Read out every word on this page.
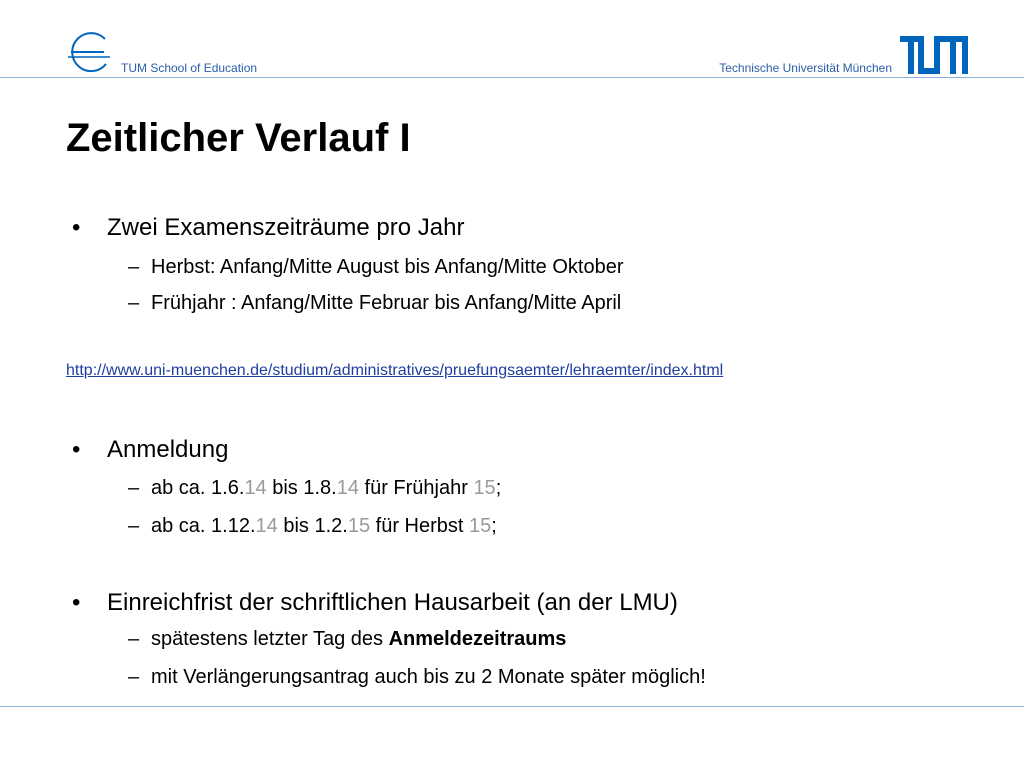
TUM School of Education	Technische Universität München
Zeitlicher Verlauf I
• Zwei Examenszeiträume pro Jahr
– Herbst: Anfang/Mitte August bis Anfang/Mitte Oktober
– Frühjahr : Anfang/Mitte Februar bis Anfang/Mitte April
http://www.uni-muenchen.de/studium/administratives/pruefungsaemter/lehraemter/index.html
• Anmeldung
– ab ca. 1.6.14 bis 1.8.14 für Frühjahr 15;
– ab ca. 1.12.14 bis 1.2.15 für Herbst 15;
• Einreichfrist der schriftlichen Hausarbeit (an der LMU)
– spätestens letzter Tag des Anmeldezeitraums
– mit Verlängerungsantrag auch bis zu 2 Monate später möglich!
